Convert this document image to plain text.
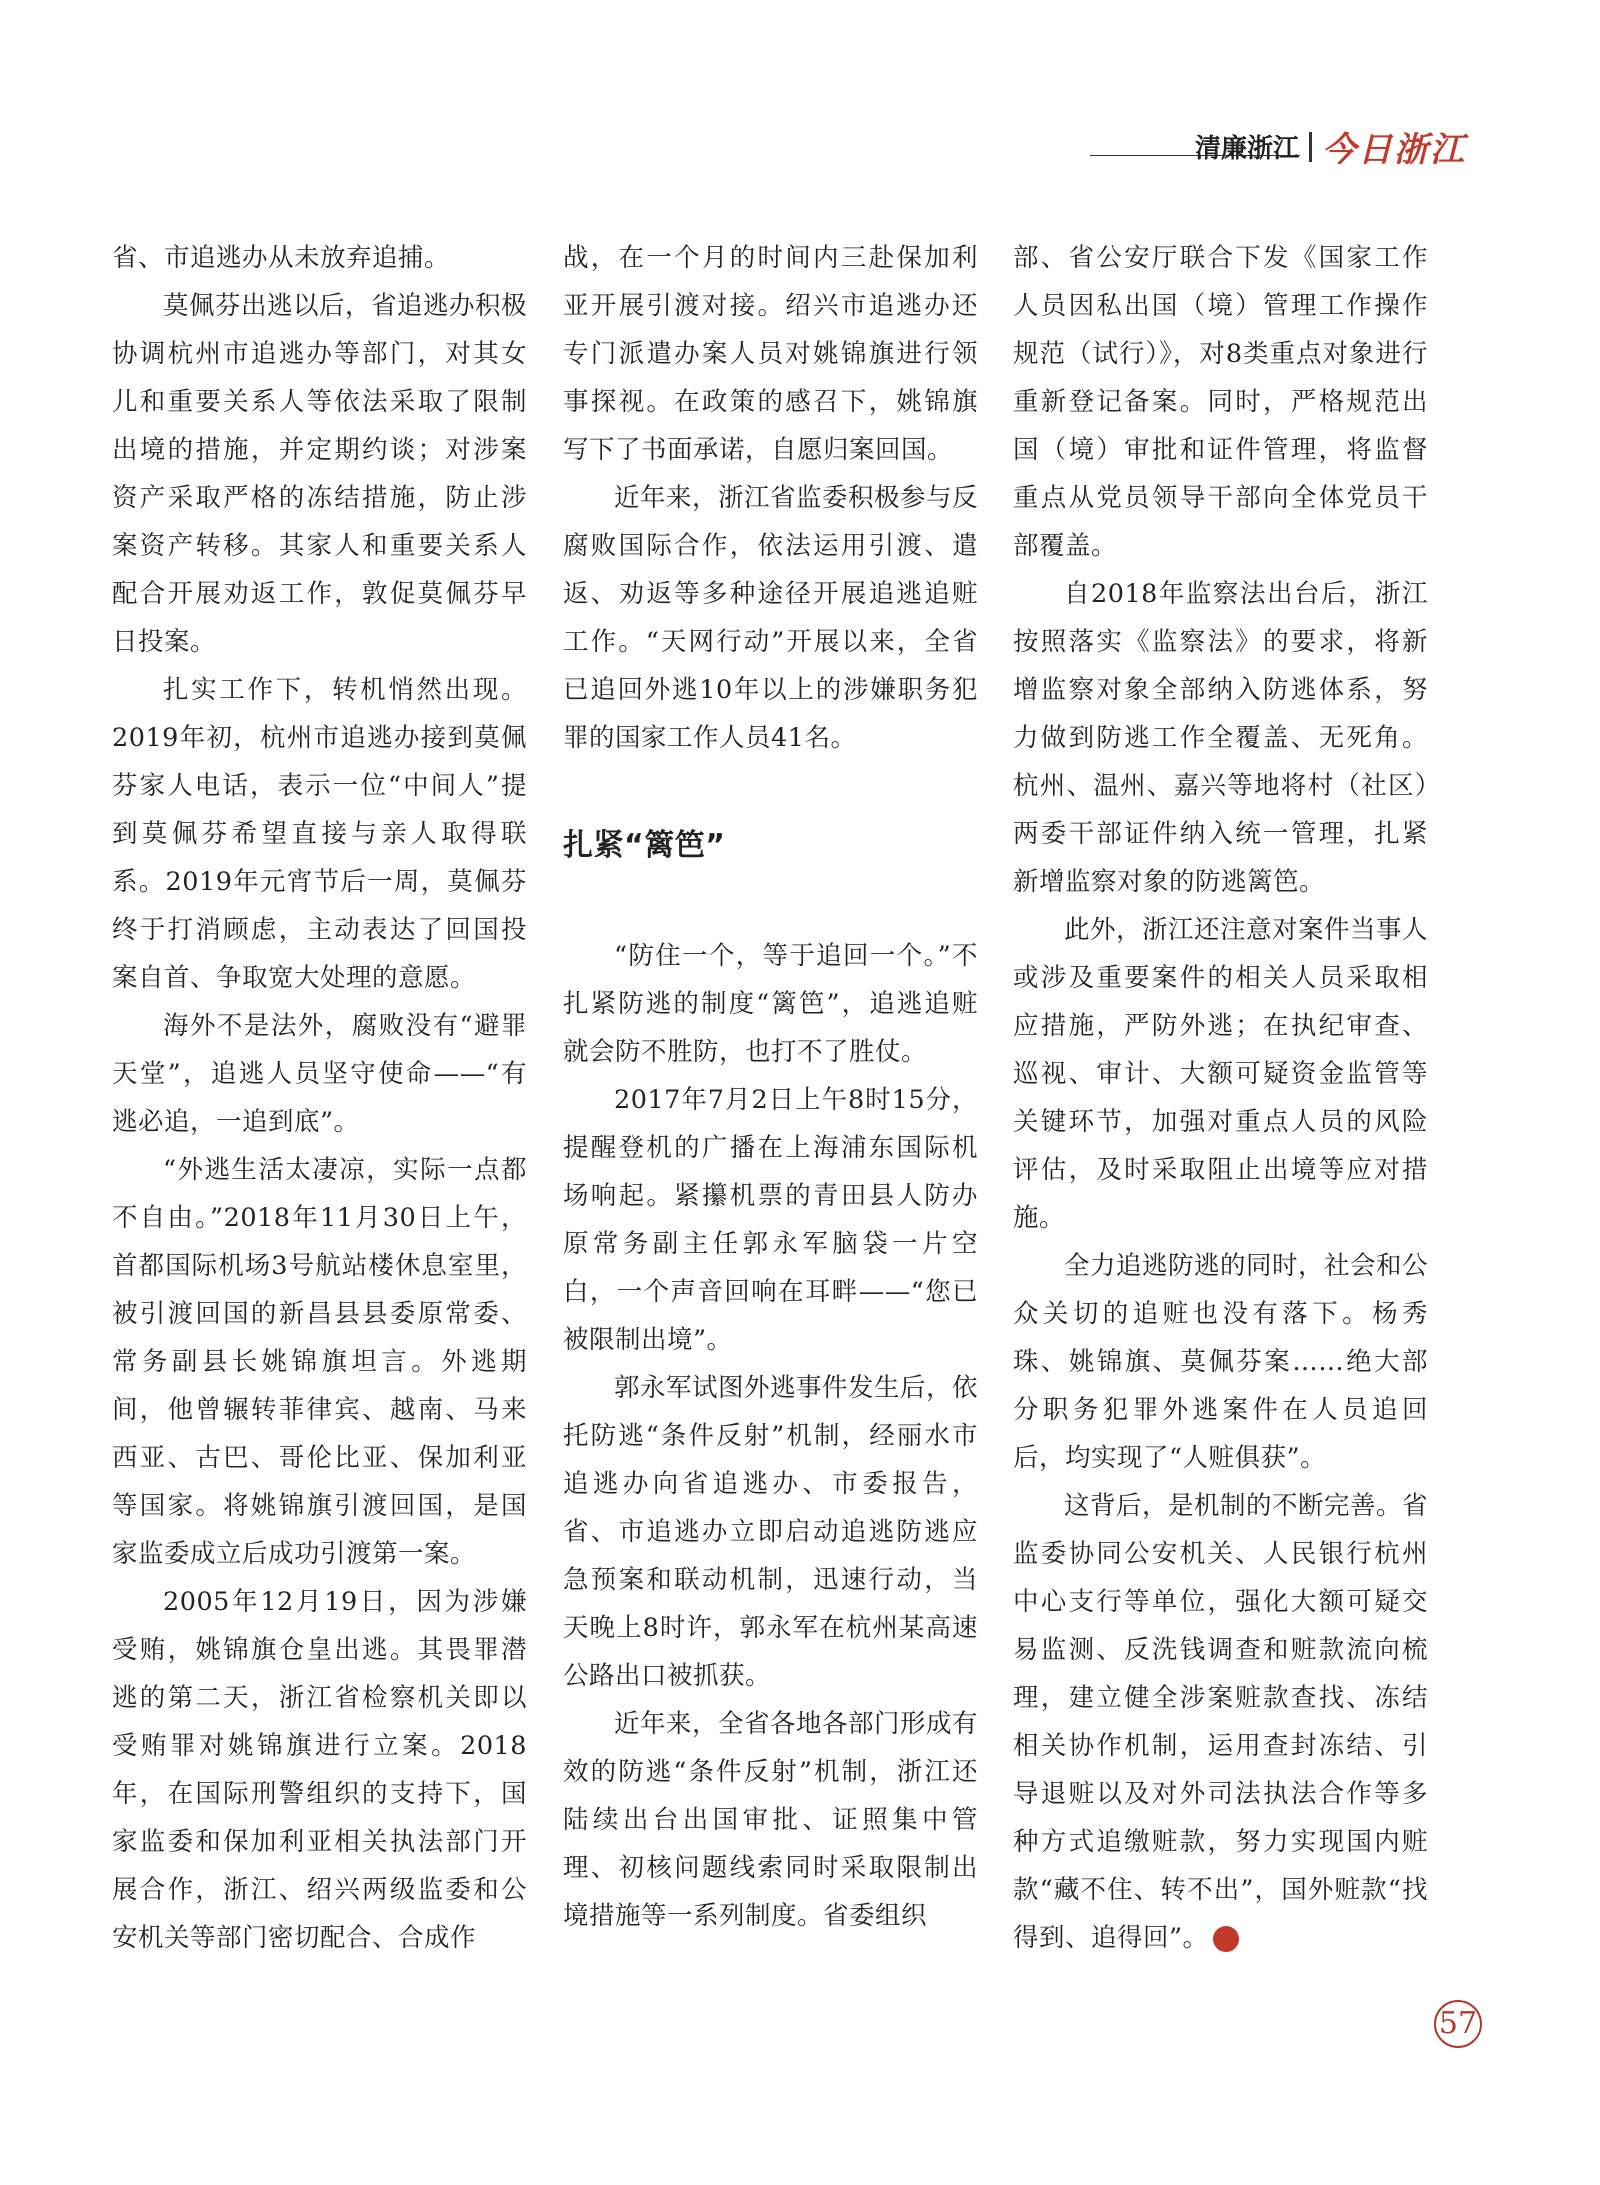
清廉浙江 今日浙江

省、市追逃办从未放弃追捕。

莫佩芬出逃以后，省追逃办积极协调杭州市追逃办等部门，对其女儿和重要关系人等依法采取了限制出境的措施，并定期约谈；对涉案资产采取严格的冻结措施，防止涉案资产转移。其家人和重要关系人配合开展劝返工作，敦促莫佩芬早日投案。

扎实工作下，转机悄然出现。2019年初，杭州市追逃办接到莫佩芬家人电话，表示一位“中间人”提到莫佩芬希望直接与亲人取得联系。2019年元宵节后一周，莫佩芬终于打消顾虑，主动表达了回国投案自首、争取宽大处理的意愿。

海外不是法外，腐败没有“避罪天堂”，追逃人员坚守使命——“有逃必追，一追到底”。

“外逃生活太凄凉，实际一点都不自由。”2018年11月30日上午，首都国际机场3号航站楼休息室里，被引渡回国的新昌县县委原常委、常务副县长姚锦旗坦言。外逃期间，他曾辗转菲律宾、越南、马来西亚、古巴、哥伦比亚、保加利亚等国家。将姚锦旗引渡回国，是国家监委成立后成功引渡第一案。

2005年12月19日，因为涉嫌受贿，姚锦旗仓皇出逃。其畏罪潜逃的第二天，浙江省检察机关即以受贿罪对姚锦旗进行立案。2018年，在国际刑警组织的支持下，国家监委和保加利亚相关执法部门开展合作，浙江、绍兴两级监委和公安机关等部门密切配合、合成作

战，在一个月的时间内三赴保加利亚开展引渡对接。绍兴市追逃办还专门派遣办案人员对姚锦旗进行领事探视。在政策的感召下，姚锦旗写下了书面承诺，自愿归案回国。

近年来，浙江省监委积极参与反腐败国际合作，依法运用引渡、遣返、劝返等多种途径开展追逃追赃工作。“天网行动”开展以来，全省已追回外逃10年以上的涉嫌职务犯罪的国家工作人员41名。

扎紧“篱笆”

“防住一个，等于追回一个。”不扎紧防逃的制度“篱笆”，追逃追赃就会防不胜防，也打不了胜仗。

2017年7月2日上午8时15分，提醒登机的广播在上海浦东国际机场响起。紧攥机票的青田县人防办原常务副主任郭永军脑袋一片空白，一个声音回响在耳畔——“您已被限制出境”。

郭永军试图外逃事件发生后，依托防逃“条件反射”机制，经丽水市追逃办向省追逃办、市委报告，省、市追逃办立即启动追逃防逃应急预案和联动机制，迅速行动，当天晚上8时许，郭永军在杭州某高速公路出口被抓获。

近年来，全省各地各部门形成有效的防逃“条件反射”机制，浙江还陆续出台出国审批、证照集中管理、初核问题线索同时采取限制出境措施等一系列制度。省委组织

部、省公安厅联合下发《国家工作人员因私出国（境）管理工作操作规范（试行）》，对8类重点对象进行重新登记备案。同时，严格规范出国（境）审批和证件管理，将监督重点从党员领导干部向全体党员干部覆盖。

自2018年监察法出台后，浙江按照落实《监察法》的要求，将新增监察对象全部纳入防逃体系，努力做到防逃工作全覆盖、无死角。杭州、温州、嘉兴等地将村（社区）两委干部证件纳入统一管理，扎紧新增监察对象的防逃篱笆。

此外，浙江还注意对案件当事人或涉及重要案件的相关人员采取相应措施，严防外逃；在执纪审查、巡视、审计、大额可疑资金监管等关键环节，加强对重点人员的风险评估，及时采取阻止出境等应对措施。

全力追逃防逃的同时，社会和公众关切的追赃也没有落下。杨秀珠、姚锦旗、莫佩芬案……绝大部分职务犯罪外逃案件在人员追回后，均实现了“人赃俱获”。

这背后，是机制的不断完善。省监委协同公安机关、人民银行杭州中心支行等单位，强化大额可疑交易监测、反洗钱调查和赃款流向梳理，建立健全涉案赃款查找、冻结相关协作机制，运用查封冻结、引导退赃以及对外司法执法合作等多种方式追缴赃款，努力实现国内赃款“藏不住、转不出”，国外赃款“找得到、追得回”。	今

57
